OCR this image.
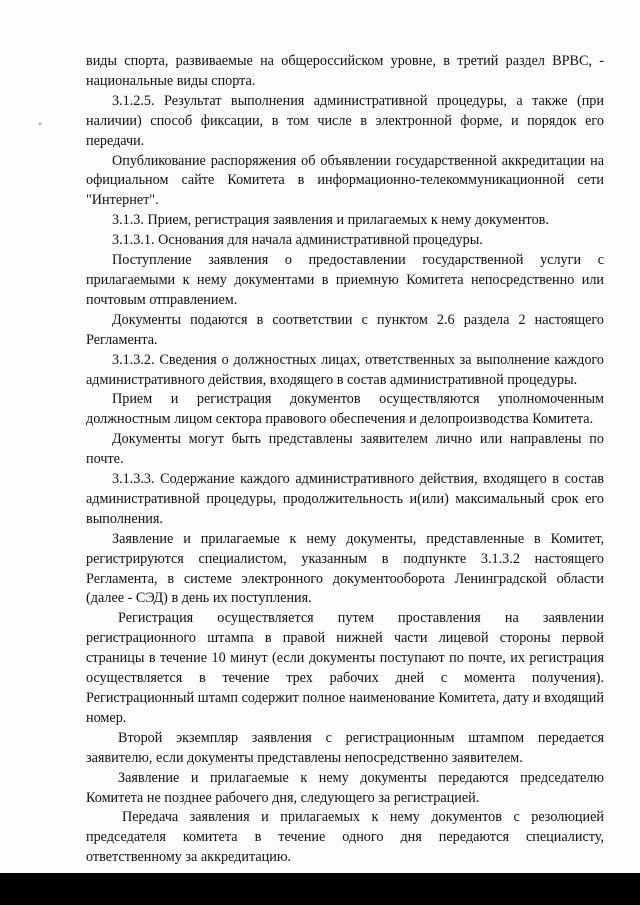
"

виды спорта, развиваемые на общероссийском уровне, в третий раздел ВРВС, - национальные виды спорта.

3.1.2.5. Результат выполнения административной процедуры, а также (при наличии) способ фиксации, в том числе в электронной форме, и порядок его передачи.

Опубликование распоряжения об объявлении государственной аккредитации на официальном сайте Комитета в информационно-телекоммуникационной сети "Интернет".

3.1.3. Прием, регистрация заявления и прилагаемых к нему документов.

3.1.3.1. Основания для начала административной процедуры.

Поступление заявления о предоставлении государственной услуги с прилагаемыми к нему документами в приемную Комитета непосредственно или почтовым отправлением.

Документы подаются в соответствии с пунктом 2.6 раздела 2 настоящего Регламента.

3.1.3.2. Сведения о должностных лицах, ответственных за выполнение каждого административного действия, входящего в состав административной процедуры.

Прием и регистрация документов осуществляются уполномоченным должностным лицом сектора правового обеспечения и делопроизводства Комитета.

Документы могут быть представлены заявителем лично или направлены по почте.

3.1.3.3. Содержание каждого административного действия, входящего в состав административной процедуры, продолжительность и(или) максимальный срок его выполнения.

Заявление и прилагаемые к нему документы, представленные в Комитет, регистрируются специалистом, указанным в подпункте 3.1.3.2 настоящего Регламента, в системе электронного документооборота Ленинградской области (далее - СЭД) в день их поступления.

Регистрация осуществляется путем проставления на заявлении регистрационного штампа в правой нижней части лицевой стороны первой страницы в течение 10 минут (если документы поступают по почте, их регистрация осуществляется в течение трех рабочих дней с момента получения). Регистрационный штамп содержит полное наименование Комитета, дату и входящий номер.

Второй экземпляр заявления с регистрационным штампом передается заявителю, если документы представлены непосредственно заявителем.

Заявление и прилагаемые к нему документы передаются председателю Комитета не позднее рабочего дня, следующего за регистрацией.

Передача заявления и прилагаемых к нему документов с резолюцией председателя комитета в течение одного дня передаются специалисту, ответственному за аккредитацию.
